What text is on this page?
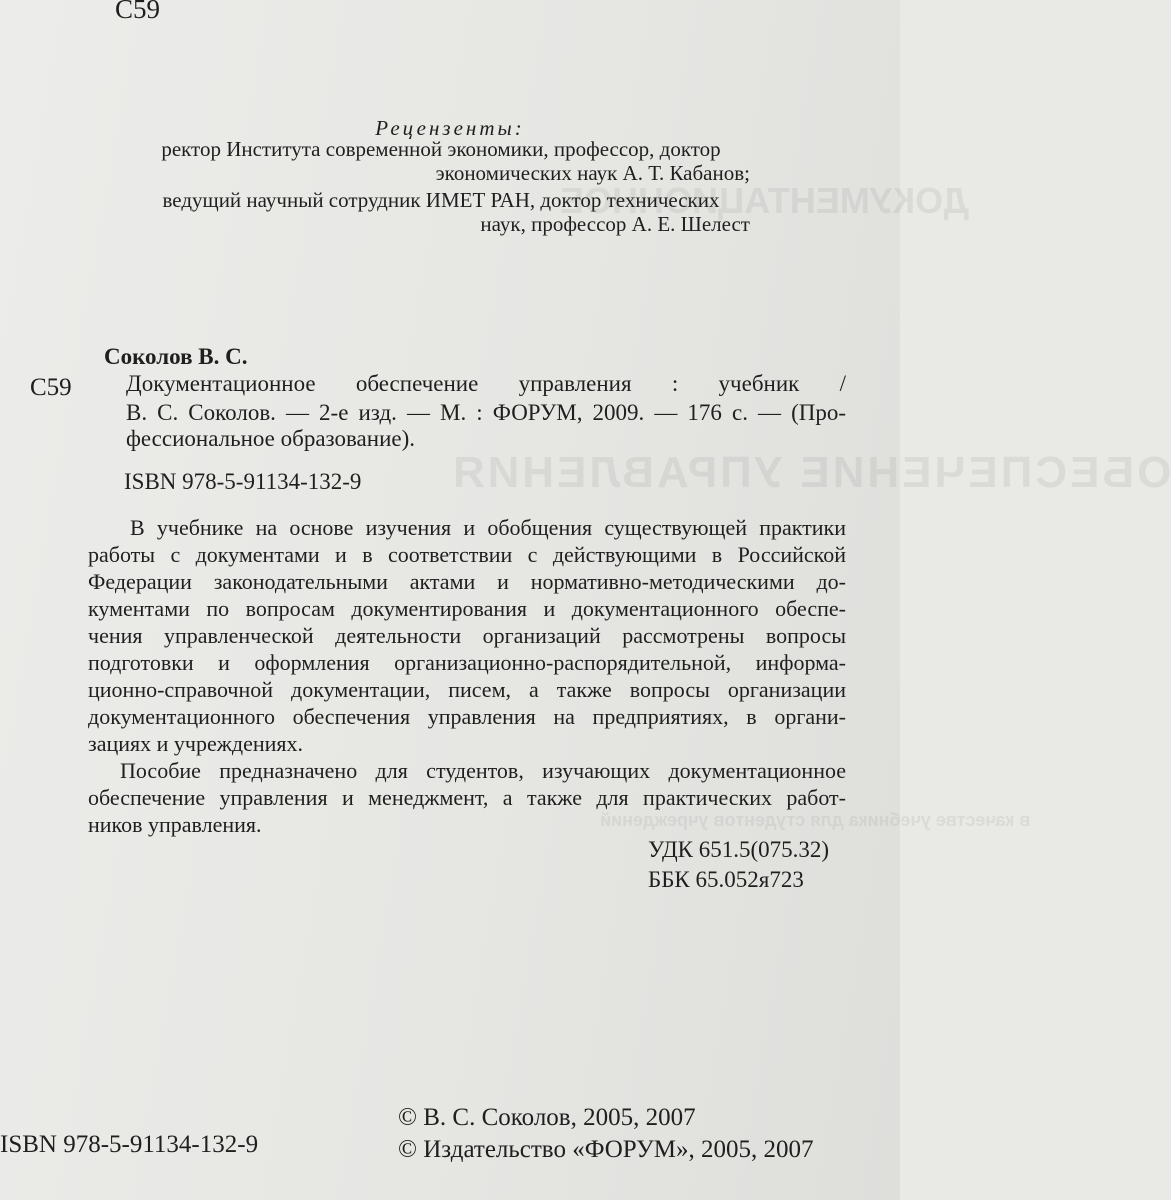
ДОКУМЕНТАЦИОННОЕ
ОБЕСПЕЧЕНИЕ УПРАВЛЕНИЯ
в качестве учебника для студентов учреждений
С59
Рецензенты:
ректор Института современной экономики, профессор, доктор
экономических наук А. Т. Кабанов;
ведущий научный сотрудник ИМЕТ РАН, доктор технических
наук, профессор А. Е. Шелест
Соколов В. С.
С59 Документационное обеспечение управления : учебник /
В. С. Соколов. — 2-е изд. — М. : ФОРУМ, 2009. — 176 с. — (Про-
фессиональное образование).
ISBN 978-5-91134-132-9
В учебнике на основе изучения и обобщения существующей практики
работы с документами и в соответствии с действующими в Российской
Федерации законодательными актами и нормативно-методическими до-
кументами по вопросам документирования и документационного обеспе-
чения управленческой деятельности организаций рассмотрены вопросы
подготовки и оформления организационно-распорядительной, информа-
ционно-справочной документации, писем, а также вопросы организации
документационного обеспечения управления на предприятиях, в органи-
зациях и учреждениях.
Пособие предназначено для студентов, изучающих документационное
обеспечение управления и менеджмент, а также для практических работ-
ников управления.
УДК 651.5(075.32)
ББК 65.052я723
© В. С. Соколов, 2005, 2007
© Издательство «ФОРУМ», 2005, 2007
ISBN 978-5-91134-132-9
